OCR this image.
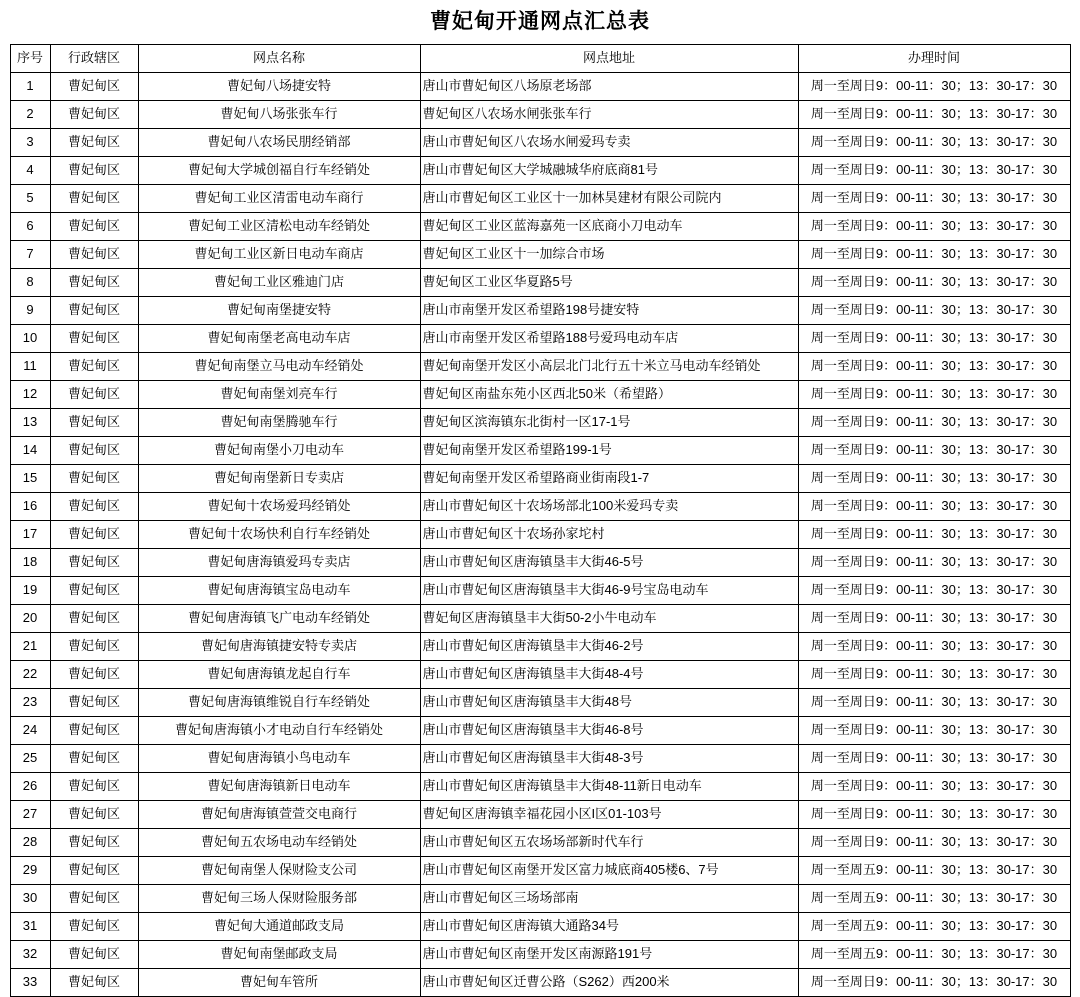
曹妃甸开通网点汇总表
序号	行政辖区	网点名称	网点地址	办理时间
1	曹妃甸区	曹妃甸八场捷安特	唐山市曹妃甸区八场原老场部	周一至周日9：00-11：30；13：30-17：30
2	曹妃甸区	曹妃甸八场张张车行	曹妃甸区八农场水闸张张车行	周一至周日9：00-11：30；13：30-17：30
3	曹妃甸区	曹妃甸八农场民朋经销部	唐山市曹妃甸区八农场水闸爱玛专卖	周一至周日9：00-11：30；13：30-17：30
4	曹妃甸区	曹妃甸大学城创福自行车经销处	唐山市曹妃甸区大学城融城华府底商81号	周一至周日9：00-11：30；13：30-17：30
5	曹妃甸区	曹妃甸工业区清雷电动车商行	唐山市曹妃甸区工业区十一加林昊建材有限公司院内	周一至周日9：00-11：30；13：30-17：30
6	曹妃甸区	曹妃甸工业区清松电动车经销处	曹妃甸区工业区蓝海嘉苑一区底商小刀电动车	周一至周日9：00-11：30；13：30-17：30
7	曹妃甸区	曹妃甸工业区新日电动车商店	曹妃甸区工业区十一加综合市场	周一至周日9：00-11：30；13：30-17：30
8	曹妃甸区	曹妃甸工业区雅迪门店	曹妃甸区工业区华夏路5号	周一至周日9：00-11：30；13：30-17：30
9	曹妃甸区	曹妃甸南堡捷安特	唐山市南堡开发区希望路198号捷安特	周一至周日9：00-11：30；13：30-17：30
10	曹妃甸区	曹妃甸南堡老高电动车店	唐山市南堡开发区希望路188号爱玛电动车店	周一至周日9：00-11：30；13：30-17：30
11	曹妃甸区	曹妃甸南堡立马电动车经销处	曹妃甸南堡开发区小高层北门北行五十米立马电动车经销处	周一至周日9：00-11：30；13：30-17：30
12	曹妃甸区	曹妃甸南堡刘亮车行	曹妃甸区南盐东苑小区西北50米（希望路）	周一至周日9：00-11：30；13：30-17：30
13	曹妃甸区	曹妃甸南堡腾驰车行	曹妃甸区滨海镇东北街村一区17-1号	周一至周日9：00-11：30；13：30-17：30
14	曹妃甸区	曹妃甸南堡小刀电动车	曹妃甸南堡开发区希望路199-1号	周一至周日9：00-11：30；13：30-17：30
15	曹妃甸区	曹妃甸南堡新日专卖店	曹妃甸南堡开发区希望路商业街南段1-7	周一至周日9：00-11：30；13：30-17：30
16	曹妃甸区	曹妃甸十农场爱玛经销处	唐山市曹妃甸区十农场场部北100米爱玛专卖	周一至周日9：00-11：30；13：30-17：30
17	曹妃甸区	曹妃甸十农场快利自行车经销处	唐山市曹妃甸区十农场孙家坨村	周一至周日9：00-11：30；13：30-17：30
18	曹妃甸区	曹妃甸唐海镇爱玛专卖店	唐山市曹妃甸区唐海镇垦丰大街46-5号	周一至周日9：00-11：30；13：30-17：30
19	曹妃甸区	曹妃甸唐海镇宝岛电动车	唐山市曹妃甸区唐海镇垦丰大街46-9号宝岛电动车	周一至周日9：00-11：30；13：30-17：30
20	曹妃甸区	曹妃甸唐海镇飞广电动车经销处	曹妃甸区唐海镇垦丰大街50-2小牛电动车	周一至周日9：00-11：30；13：30-17：30
21	曹妃甸区	曹妃甸唐海镇捷安特专卖店	唐山市曹妃甸区唐海镇垦丰大街46-2号	周一至周日9：00-11：30；13：30-17：30
22	曹妃甸区	曹妃甸唐海镇龙起自行车	唐山市曹妃甸区唐海镇垦丰大街48-4号	周一至周日9：00-11：30；13：30-17：30
23	曹妃甸区	曹妃甸唐海镇维锐自行车经销处	唐山市曹妃甸区唐海镇垦丰大街48号	周一至周日9：00-11：30；13：30-17：30
24	曹妃甸区	曹妃甸唐海镇小才电动自行车经销处	唐山市曹妃甸区唐海镇垦丰大街46-8号	周一至周日9：00-11：30；13：30-17：30
25	曹妃甸区	曹妃甸唐海镇小鸟电动车	唐山市曹妃甸区唐海镇垦丰大街48-3号	周一至周日9：00-11：30；13：30-17：30
26	曹妃甸区	曹妃甸唐海镇新日电动车	唐山市曹妃甸区唐海镇垦丰大街48-11新日电动车	周一至周日9：00-11：30；13：30-17：30
27	曹妃甸区	曹妃甸唐海镇萱萱交电商行	曹妃甸区唐海镇幸福花园小区I区01-103号	周一至周日9：00-11：30；13：30-17：30
28	曹妃甸区	曹妃甸五农场电动车经销处	唐山市曹妃甸区五农场场部新时代车行	周一至周日9：00-11：30；13：30-17：30
29	曹妃甸区	曹妃甸南堡人保财险支公司	唐山市曹妃甸区南堡开发区富力城底商405楼6、7号	周一至周五9：00-11：30；13：30-17：30
30	曹妃甸区	曹妃甸三场人保财险服务部	唐山市曹妃甸区三场场部南	周一至周五9：00-11：30；13：30-17：30
31	曹妃甸区	曹妃甸大通道邮政支局	唐山市曹妃甸区唐海镇大通路34号	周一至周五9：00-11：30；13：30-17：30
32	曹妃甸区	曹妃甸南堡邮政支局	唐山市曹妃甸区南堡开发区南源路191号	周一至周五9：00-11：30；13：30-17：30
33	曹妃甸区	曹妃甸车管所	唐山市曹妃甸区迁曹公路（S262）西200米	周一至周日9：00-11：30；13：30-17：30
